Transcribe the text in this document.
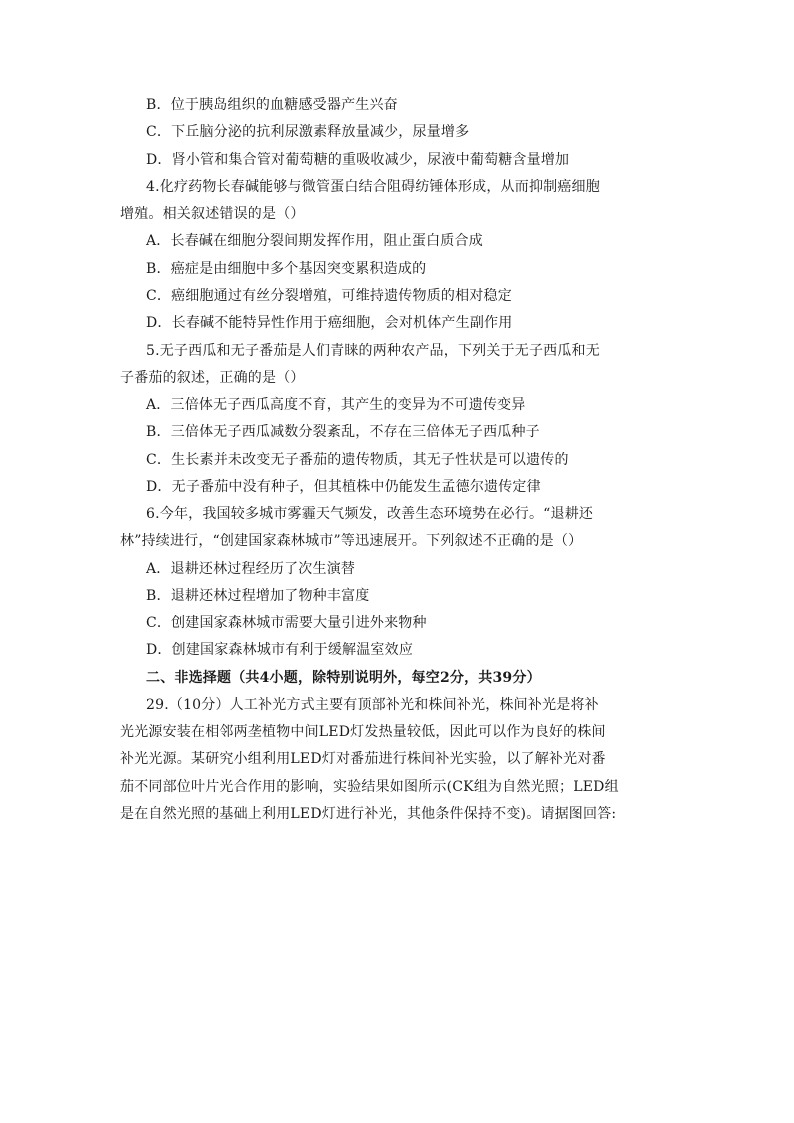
B．位于胰岛组织的血糖感受器产生兴奋
C．下丘脑分泌的抗利尿激素释放量减少，尿量增多
D．肾小管和集合管对葡萄糖的重吸收减少，尿液中葡萄糖含量增加
4.化疗药物长春碱能够与微管蛋白结合阻碍纺锤体形成，从而抑制癌细胞
增殖。相关叙述错误的是（）
A．长春碱在细胞分裂间期发挥作用，阻止蛋白质合成
B．癌症是由细胞中多个基因突变累积造成的
C．癌细胞通过有丝分裂增殖，可维持遗传物质的相对稳定
D．长春碱不能特异性作用于癌细胞，会对机体产生副作用
5.无子西瓜和无子番茄是人们青睐的两种农产品，下列关于无子西瓜和无
子番茄的叙述，正确的是（）
A．三倍体无子西瓜高度不育，其产生的变异为不可遗传变异
B．三倍体无子西瓜减数分裂紊乱，不存在三倍体无子西瓜种子
C．生长素并未改变无子番茄的遗传物质，其无子性状是可以遗传的
D．无子番茄中没有种子，但其植株中仍能发生孟德尔遗传定律
6.今年，我国较多城市雾霾天气频发，改善生态环境势在必行。“退耕还
林”持续进行，“创建国家森林城市”等迅速展开。下列叙述不正确的是（）
A．退耕还林过程经历了次生演替
B．退耕还林过程增加了物种丰富度
C．创建国家森林城市需要大量引进外来物种
D．创建国家森林城市有利于缓解温室效应
二、非选择题（共4小题，除特别说明外，每空2分，共39分）
29.（10分）人工补光方式主要有顶部补光和株间补光，株间补光是将补
光光源安装在相邻两垄植物中间LED灯发热量较低，因此可以作为良好的株间
补光光源。某研究小组利用LED灯对番茄进行株间补光实验，以了解补光对番
茄不同部位叶片光合作用的影响，实验结果如图所示(CK组为自然光照；LED组
是在自然光照的基础上利用LED灯进行补光，其他条件保持不变)。请据图回答:
